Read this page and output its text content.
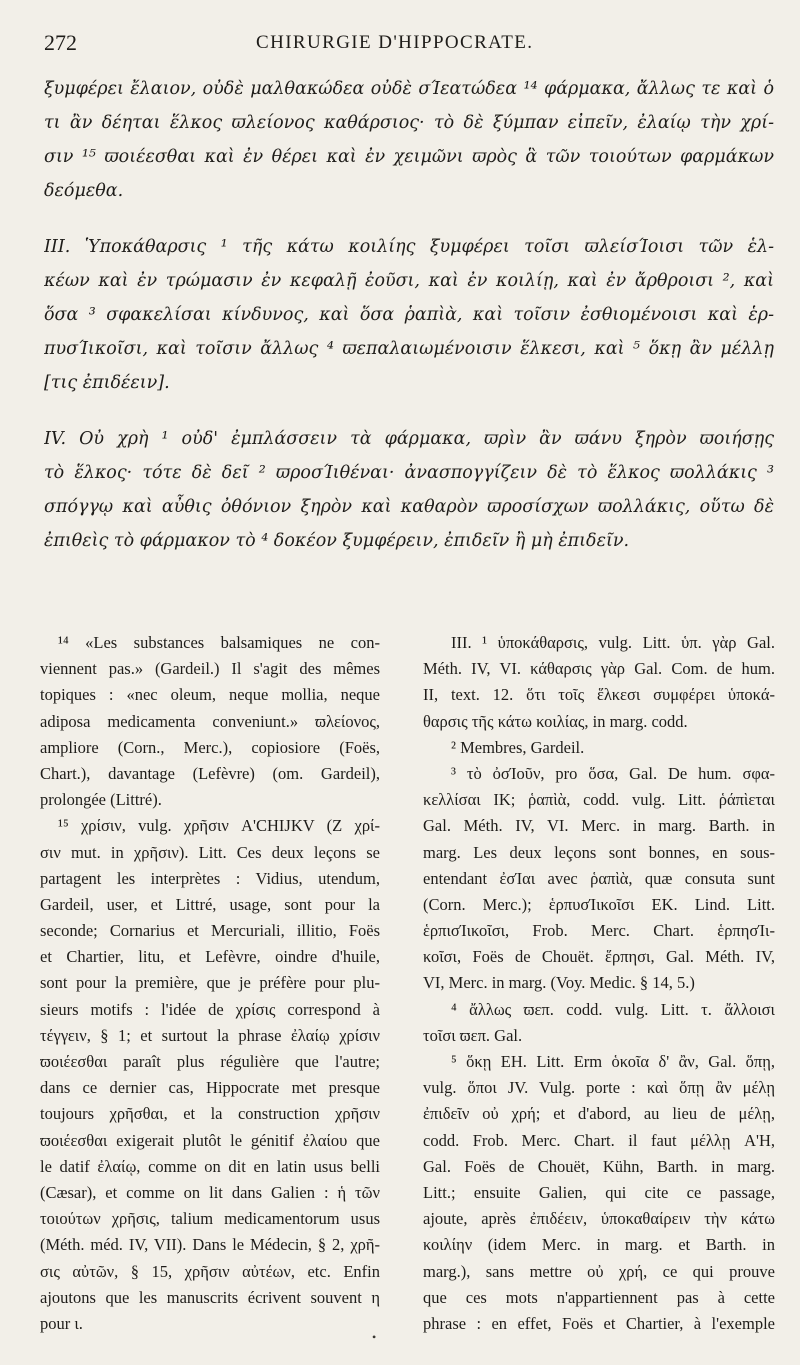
272	CHIRURGIE D'HIPPOCRATE.
ξυμφέρει ἔλαιον, οὐδὲ μαλθακώδεα οὐδὲ σΊεατώδεα ¹⁴ φάρμακα, ἄλλως τε καὶ ὁ
τι ἂν δέηται ἕλκος ϖλείονος καθάρσιος· τὸ δὲ ξύμπαν εἰπεῖν, ἐλαίῳ τὴν χρί-
σιν ¹⁵ ϖοιέεσθαι καὶ ἐν θέρει καὶ ἐν χειμῶνι ϖρὸς ἃ τῶν τοιούτων φαρμάκων
δεόμεθα.
III. Ὑποκάθαρσις ¹ τῆς κάτω κοιλίης ξυμφέρει τοῖσι ϖλείσΊοισι τῶν ἑλ-
κέων καὶ ἐν τρώμασιν ἐν κεφαλῇ ἐοῦσι, καὶ ἐν κοιλίῃ, καὶ ἐν ἄρθροισι ², καὶ
ὅσα ³ σφακελίσαι κίνδυνος, καὶ ὅσα ῥαπὶὰ, καὶ τοῖσιν ἐσθιομένοισι καὶ ἑρ-
πυσΊικοῖσι, καὶ τοῖσιν ἄλλως ⁴ ϖεπαλαιωμένοισιν ἕλκεσι, καὶ ⁵ ὅκῃ ἂν μέλλῃ
[τις ἐπιδέειν].
IV. Οὐ χρὴ ¹ οὐδ' ἐμπλάσσειν τὰ φάρμακα, ϖρὶν ἂν ϖάνυ ξηρὸν ϖοιήσῃς
τὸ ἕλκος· τότε δὲ δεῖ ² ϖροσΊιθέναι· ἀνασπογγίζειν δὲ τὸ ἕλκος ϖολλάκις ³
σπόγγῳ καὶ αὖθις ὀθόνιον ξηρὸν καὶ καθαρὸν ϖροσίσχων ϖολλάκις, οὕτω δὲ
ἐπιθεὶς τὸ φάρμακον τὸ ⁴ δοκέον ξυμφέρειν, ἐπιδεῖν ἢ μὴ ἐπιδεῖν.
¹⁴ «Les substances balsamiques ne con-
viennent pas.» (Gardeil.) Il s'agit des mêmes
topiques : «nec oleum, neque mollia, neque
adiposa medicamenta conveniunt.» ϖλείονος,
ampliore (Corn., Merc.), copiosiore (Foës,
Chart.), davantage (Lefèvre) (om. Gardeil),
prolongée (Littré).
¹⁵ χρίσιν, vulg. χρῆσιν A'CHIJKV (Z χρί-
σιν mut. in χρῆσιν). Litt. Ces deux leçons se
partagent les interprètes : Vidius, utendum,
Gardeil, user, et Littré, usage, sont pour la
seconde; Cornarius et Mercuriali, illitio, Foës
et Chartier, litu, et Lefèvre, oindre d'huile,
sont pour la première, que je préfère pour plu-
sieurs motifs : l'idée de χρίσις correspond à
τέγγειν, § 1; et surtout la phrase ἐλαίῳ χρίσιν
ϖοιέεσθαι paraît plus régulière que l'autre;
dans ce dernier cas, Hippocrate met presque
toujours χρῆσθαι, et la construction χρῆσιν
ϖοιέεσθαι exigerait plutôt le génitif ἐλαίου que
le datif ἐλαίῳ, comme on dit en latin usus belli
(Cæsar), et comme on lit dans Galien : ἡ τῶν
τοιούτων χρῆσις, talium medicamentorum usus
(Méth. méd. IV, VII). Dans le Médecin, § 2, χρῆ-
σις αὐτῶν, § 15, χρῆσιν αὐτέων, etc. Enfin
ajoutons que les manuscrits écrivent souvent η
pour ι.
III. ¹ ὑποκάθαρσις, vulg. Litt. ὑπ. γὰρ Gal.
Méth. IV, VI. κάθαρσις γὰρ Gal. Com. de hum.
II, text. 12. ὅτι τοῖς ἕλκεσι συμφέρει ὑποκά-
θαρσις τῆς κάτω κοιλίας, in marg. codd.
² Membres, Gardeil.
³ τὸ ὀσΊοῦν, pro ὅσα, Gal. De hum. σφα-
κελλίσαι IK; ῥαπὶὰ, codd. vulg. Litt. ῥάπὶεται
Gal. Méth. IV, VI. Merc. in marg. Barth. in
marg. Les deux leçons sont bonnes, en sous-
entendant ἐσΊαι avec ῥαπὶὰ, quæ consuta sunt
(Corn. Merc.); ἑρπυσΊικοῖσι EK. Lind. Litt.
ἑρπισΊικοῖσι, Frob. Merc. Chart. ἑρπησΊι-
κοῖσι, Foës de Chouët. ἕρπησι, Gal. Méth. IV,
VI, Merc. in marg. (Voy. Medic. § 14, 5.)
⁴ ἄλλως ϖεπ. codd. vulg. Litt. τ. ἄλλοισι
τοῖσι ϖεπ. Gal.
⁵ ὅκῃ EH. Litt. Erm ὁκοῖα δ' ἂν, Gal. ὅπῃ,
vulg. ὅποι JV. Vulg. porte : καὶ ὅπῃ ἂν μέλῃ
ἐπιδεῖν οὐ χρή; et d'abord, au lieu de μέλῃ,
codd. Frob. Merc. Chart. il faut μέλλῃ A'H,
Gal. Foës de Chouët, Kühn, Barth. in marg.
Litt.; ensuite Galien, qui cite ce passage,
ajoute, après ἐπιδέειν, ὑποκαθαίρειν τὴν κάτω
κοιλίην (idem Merc. in marg. et Barth. in
marg.), sans mettre οὐ χρή, ce qui prouve
que ces mots n'appartiennent pas à cette
phrase : en effet, Foës et Chartier, à l'exemple
•
